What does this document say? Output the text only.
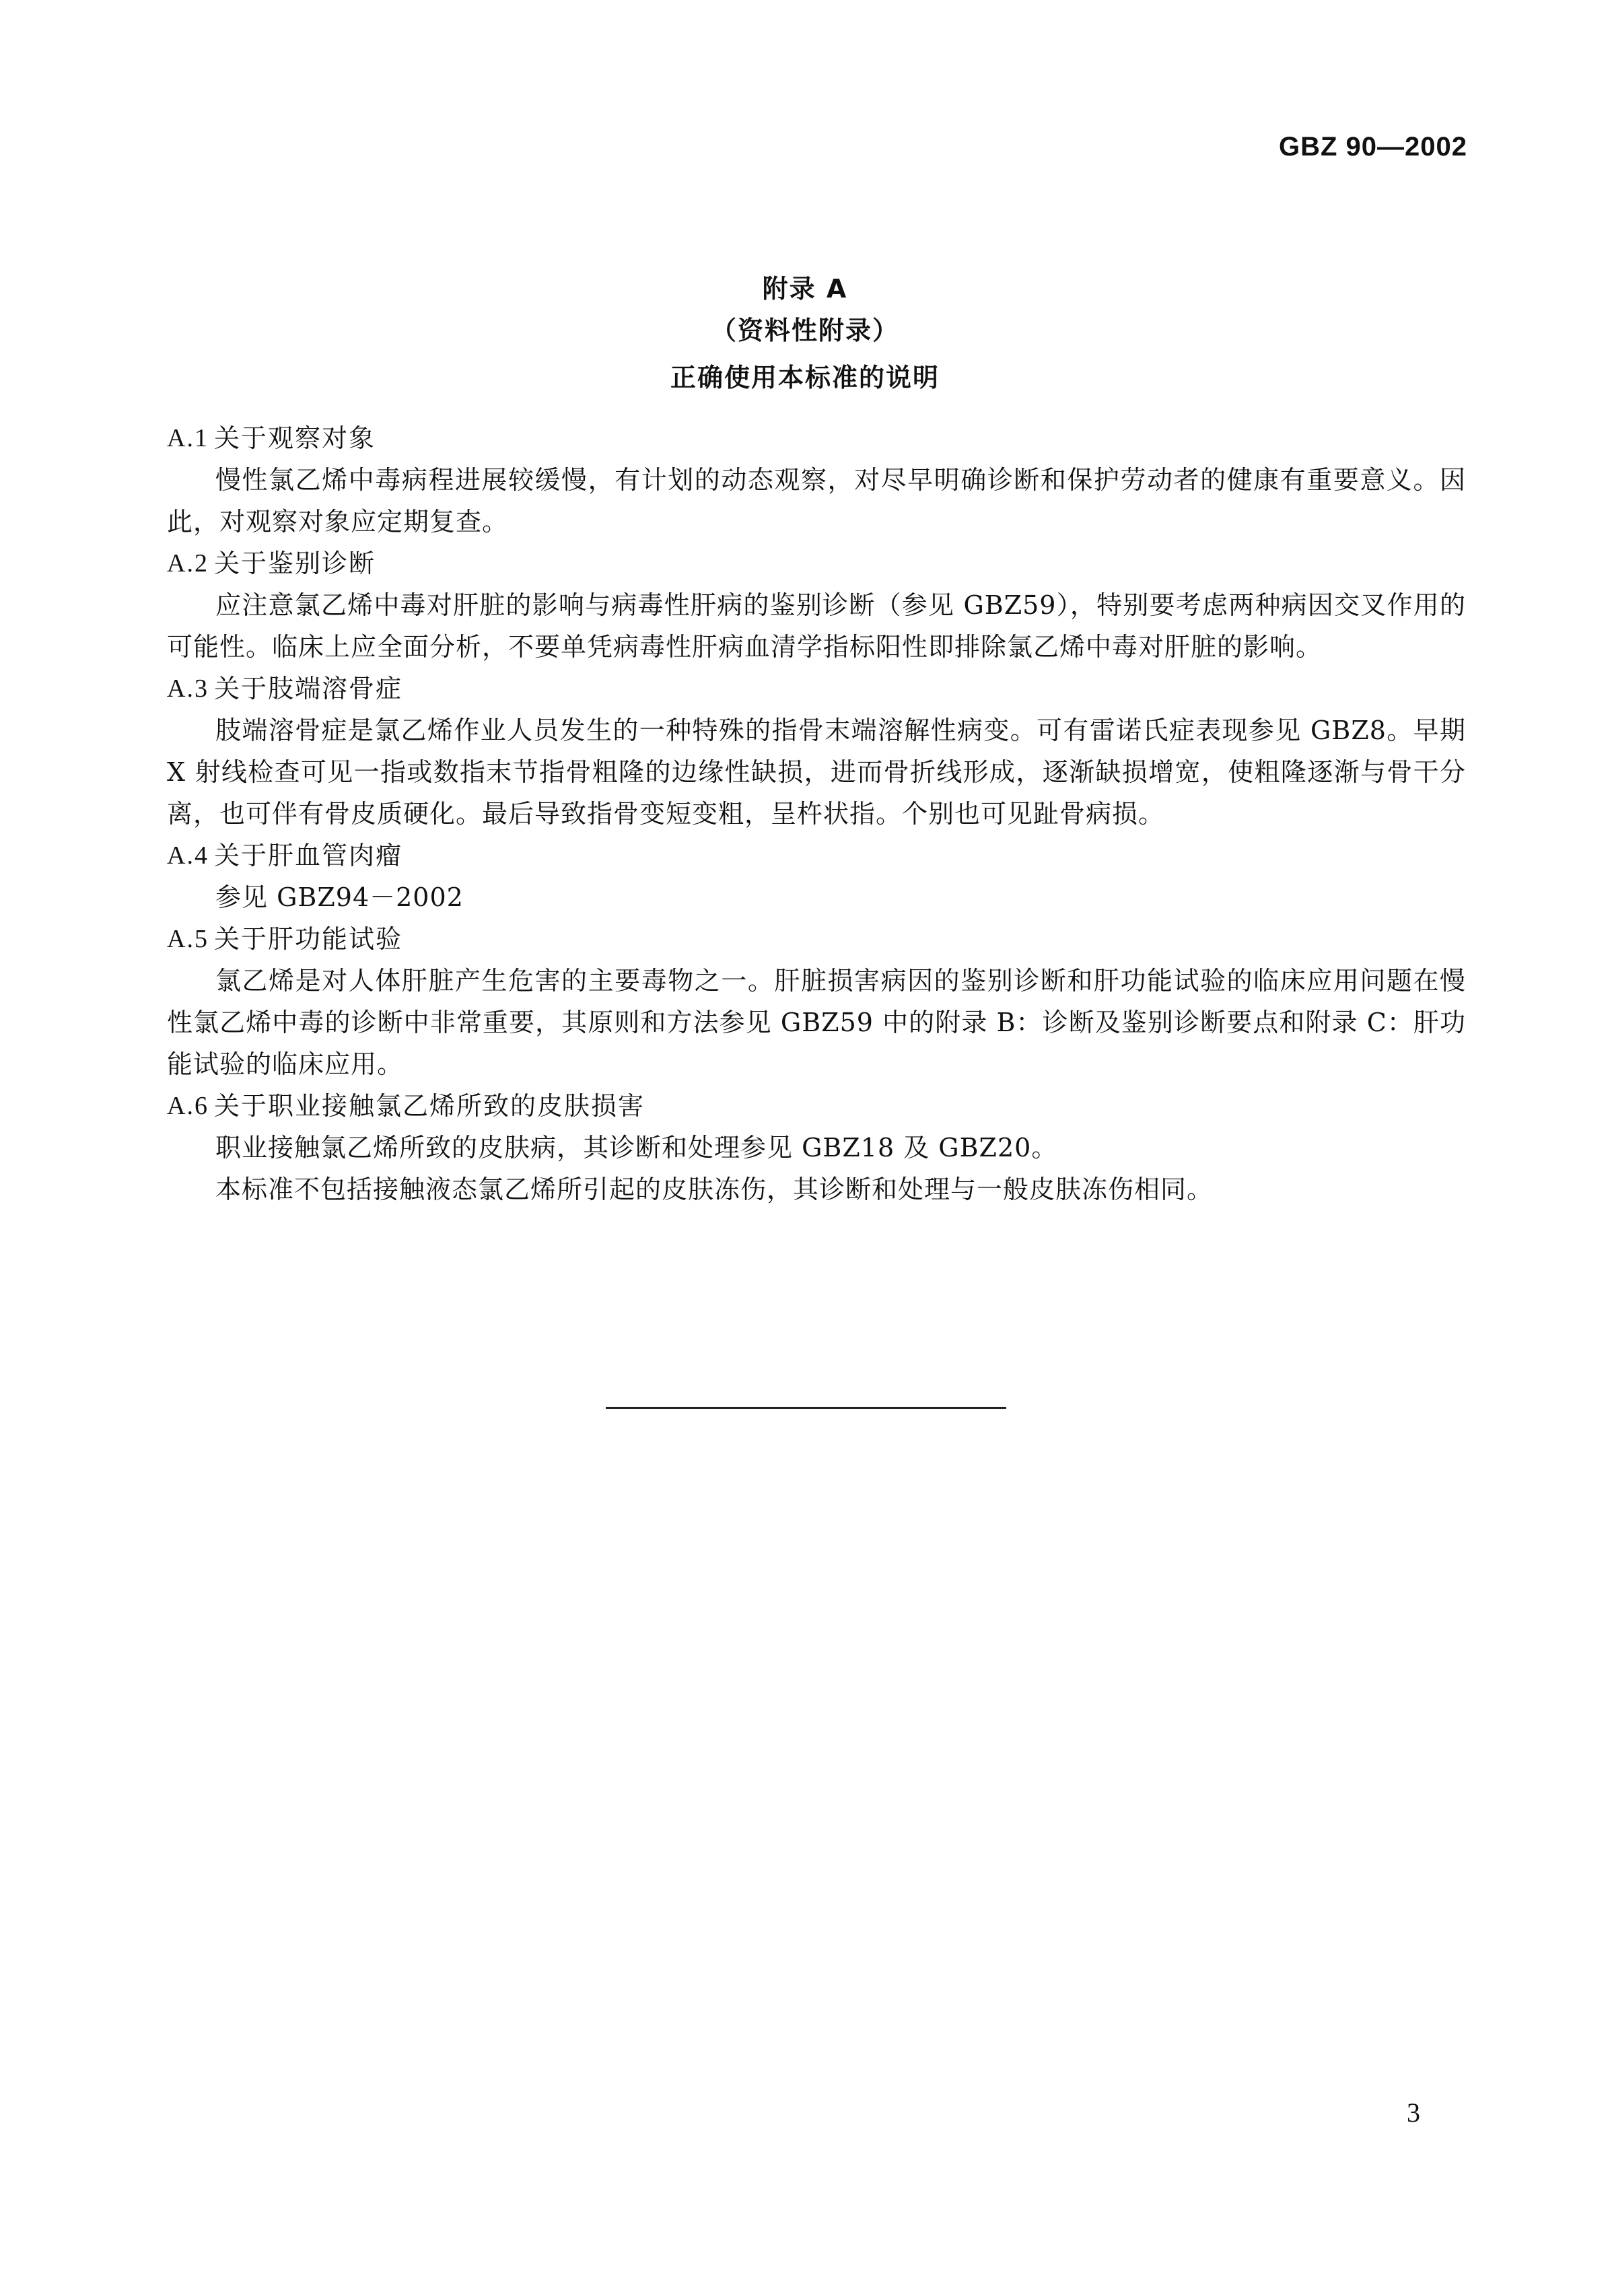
GBZ 90—2002
附录 A
（资料性附录）
正确使用本标准的说明
A.1 关于观察对象

慢性氯乙烯中毒病程进展较缓慢，有计划的动态观察，对尽早明确诊断和保护劳动者的健康有重要意义。因此，对观察对象应定期复查。

A.2 关于鉴别诊断

应注意氯乙烯中毒对肝脏的影响与病毒性肝病的鉴别诊断（参见 GBZ59），特别要考虑两种病因交叉作用的可能性。临床上应全面分析，不要单凭病毒性肝病血清学指标阳性即排除氯乙烯中毒对肝脏的影响。

A.3 关于肢端溶骨症

肢端溶骨症是氯乙烯作业人员发生的一种特殊的指骨末端溶解性病变。可有雷诺氏症表现参见 GBZ8。早期 X 射线检查可见一指或数指末节指骨粗隆的边缘性缺损，进而骨折线形成，逐渐缺损增宽，使粗隆逐渐与骨干分离，也可伴有骨皮质硬化。最后导致指骨变短变粗，呈杵状指。个别也可见趾骨病损。

A.4 关于肝血管肉瘤

参见 GBZ94－2002

A.5 关于肝功能试验

氯乙烯是对人体肝脏产生危害的主要毒物之一。肝脏损害病因的鉴别诊断和肝功能试验的临床应用问题在慢性氯乙烯中毒的诊断中非常重要，其原则和方法参见 GBZ59 中的附录 B：诊断及鉴别诊断要点和附录 C：肝功能试验的临床应用。

A.6 关于职业接触氯乙烯所致的皮肤损害

职业接触氯乙烯所致的皮肤病，其诊断和处理参见 GBZ18 及 GBZ20。

本标准不包括接触液态氯乙烯所引起的皮肤冻伤，其诊断和处理与一般皮肤冻伤相同。

3
